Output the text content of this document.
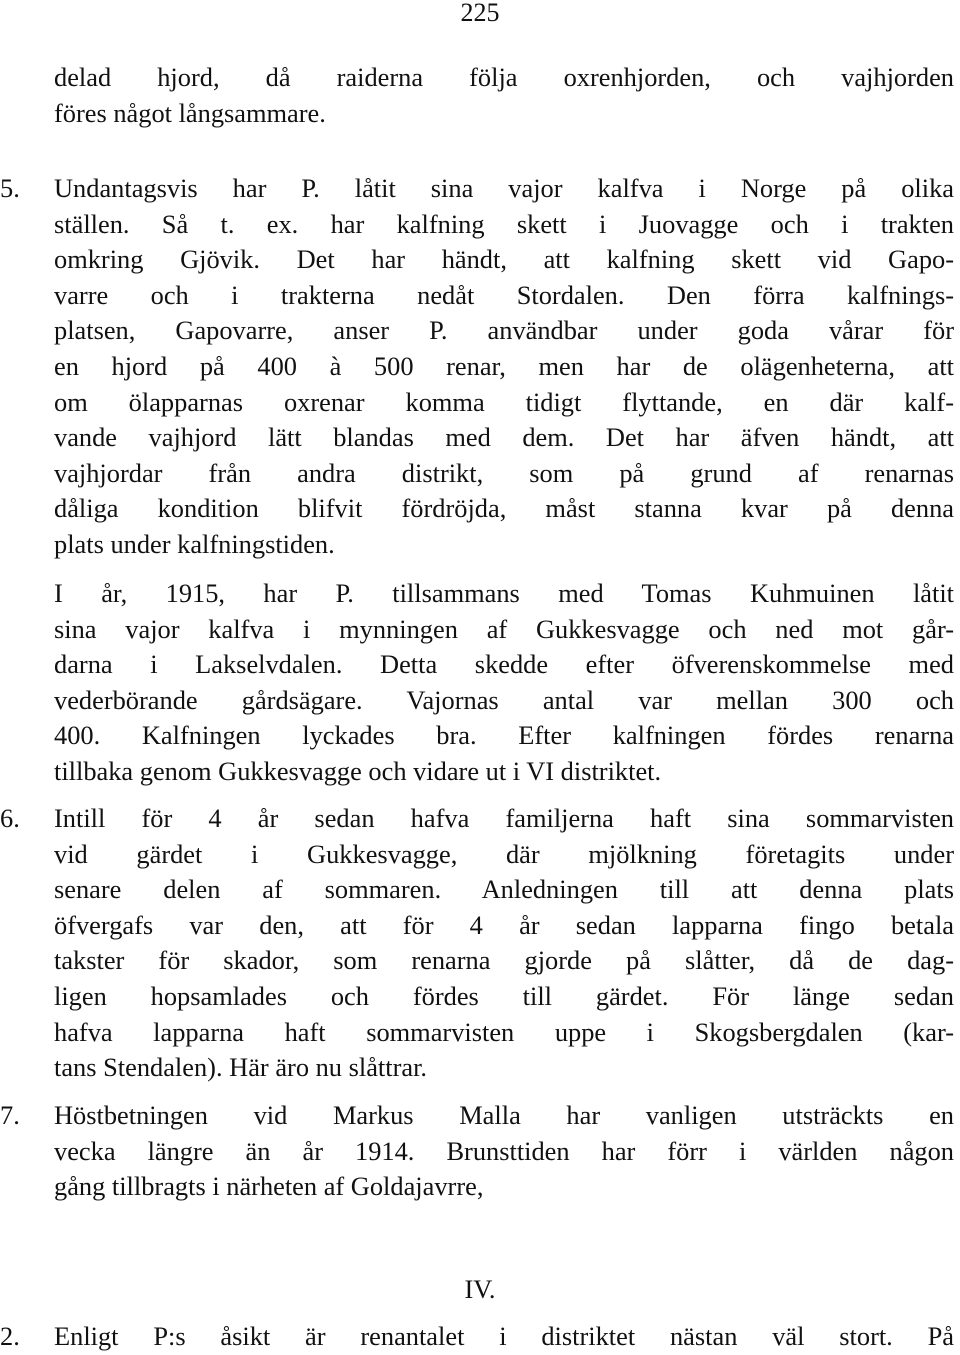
225
delad hjord, då raiderna följa oxrenhjorden, och vajhjorden
föres något långsammare.
5. Undantagsvis har P. låtit sina vajor kalfva i Norge på olika
ställen. Så t. ex. har kalfning skett i Juovagge och i trakten
omkring Gjövik. Det har händt, att kalfning skett vid Gapo-
varre och i trakterna nedåt Stordalen. Den förra kalfnings-
platsen, Gapovarre, anser P. användbar under goda vårar för
en hjord på 400 à 500 renar, men har de olägenheterna, att
om ölapparnas oxrenar komma tidigt flyttande, en där kalf-
vande vajhjord lätt blandas med dem. Det har äfven händt, att
vajhjordar från andra distrikt, som på grund af renarnas
dåliga kondition blifvit fördröjda, måst stanna kvar på denna
plats under kalfningstiden.
I år, 1915, har P. tillsammans med Tomas Kuhmuinen låtit
sina vajor kalfva i mynningen af Gukkesvagge och ned mot går-
darna i Lakselvdalen. Detta skedde efter öfverenskommelse med
vederbörande gårdsägare. Vajornas antal var mellan 300 och
400. Kalfningen lyckades bra. Efter kalfningen fördes renarna
tillbaka genom Gukkesvagge och vidare ut i VI distriktet.
6. Intill för 4 år sedan hafva familjerna haft sina sommarvisten
vid gärdet i Gukkesvagge, där mjölkning företagits under
senare delen af sommaren. Anledningen till att denna plats
öfvergafs var den, att för 4 år sedan lapparna fingo betala
takster för skador, som renarna gjorde på slåtter, då de dag-
ligen hopsamlades och fördes till gärdet. För länge sedan
hafva lapparna haft sommarvisten uppe i Skogsbergdalen (kar-
tans Stendalen). Här äro nu slåttrar.
7. Höstbetningen vid Markus Malla har vanligen utsträckts en
vecka längre än år 1914. Brunsttiden har förr i världen någon
gång tillbragts i närheten af Goldajavrre,
IV.
2. Enligt P:s åsikt är renantalet i distriktet nästan väl stort. På
